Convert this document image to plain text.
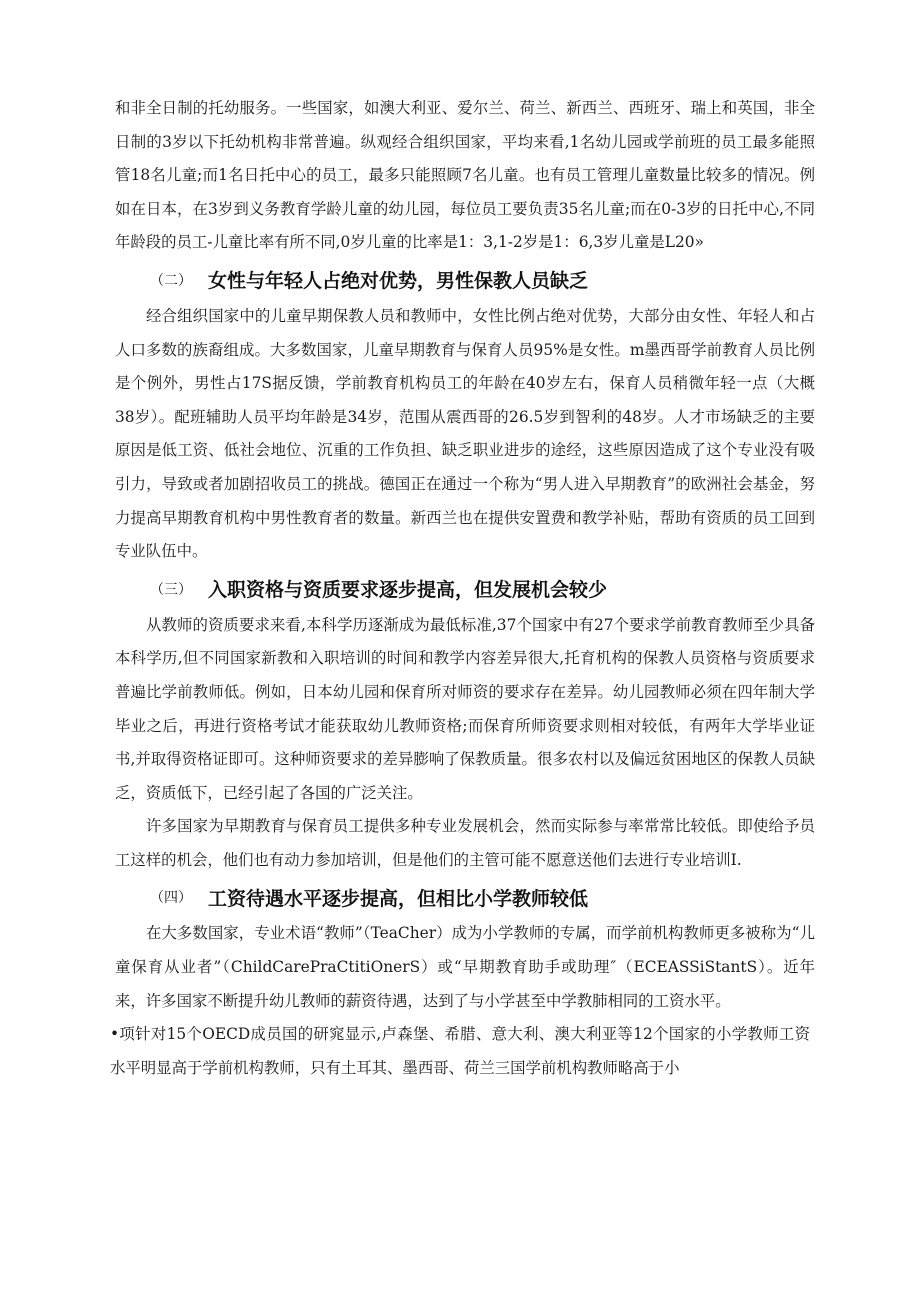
和非全日制的托幼服务。一些国家，如澳大利亚、爱尔兰、荷兰、新西兰、西班牙、瑞上和英国，非全日制的3岁以下托幼机构非常普遍。纵观经合组织国家，平均来看,1名幼儿园或学前班的员工最多能照管18名儿童;而1名日托中心的员工，最多只能照顾7名儿童。也有员工管理儿童数量比较多的情况。例如在日本，在3岁到义务教育学龄儿童的幼儿园，每位员工要负责35名儿童;而在0-3岁的日托中心,不同年龄段的员工-儿童比率有所不同,0岁儿童的比率是1：3,1-2岁是1：6,3岁儿童是L20»

（二） 女性与年轻人占绝对优势，男性保教人员缺乏

经合组织国家中的儿童早期保教人员和教师中，女性比例占绝对优势，大部分由女性、年轻人和占人口多数的族裔组成。大多数国家，儿童早期教育与保育人员95%是女性。m墨西哥学前教育人员比例是个例外，男性占17S据反馈，学前教育机构员工的年龄在40岁左右，保育人员稍微年轻一点（大概38岁）。配班辅助人员平均年龄是34岁，范围从震西哥的26.5岁到智利的48岁。人才市场缺乏的主要原因是低工资、低社会地位、沉重的工作负担、缺乏职业进步的途经，这些原因造成了这个专业没有吸引力，导致或者加剧招收员工的挑战。德国正在通过一个称为“男人进入早期教育”的欧洲社会基金，努力提高早期教育机构中男性教育者的数量。新西兰也在提供安置费和教学补贴，帮助有资质的员工回到专业队伍中。

（三） 入职资格与资质要求逐步提高，但发展机会较少

从教师的资质要求来看,本科学历逐渐成为最低标准,37个国家中有27个要求学前教育教师至少具备本科学历,但不同国家新教和入职培训的时间和教学内容差异很大,托育机构的保教人员资格与资质要求普遍比学前教师低。例如，日本幼儿园和保育所对师资的要求存在差异。幼儿园教师必须在四年制大学毕业之后，再进行资格考试才能获取幼儿教师资格;而保育所师资要求则相对较低，有两年大学毕业证书,并取得资格证即可。这种师资要求的差异膨响了保教质量。很多农村以及偏远贫困地区的保教人员缺乏，资质低下，已经引起了各国的广泛关注。

许多国家为早期教育与保育员工提供多种专业发展机会，然而实际参与率常常比较低。即使给予员工这样的机会，他们也有动力参加培训，但是他们的主管可能不愿意送他们去进行专业培训I.

（四） 工资待遇水平逐步提高，但相比小学教师较低

在大多数国家，专业术语“教师”（TeaCher）成为小学教师的专属，而学前机构教师更多被称为“儿童保育从业者”（ChildCarePraCtitiOnerS）或“早期教育助手或助理″（ECEASSiStantS）。近年来，许多国家不断提升幼儿教师的薪资待遇，达到了与小学甚至中学教肺相同的工资水平。

•项针对15个OECD成员国的研窕显示,卢森堡、希腊、意大利、澳大利亚等12个国家的小学教师工资水平明显高于学前机构教师，只有土耳其、墨西哥、荷兰三国学前机构教师略高于小
